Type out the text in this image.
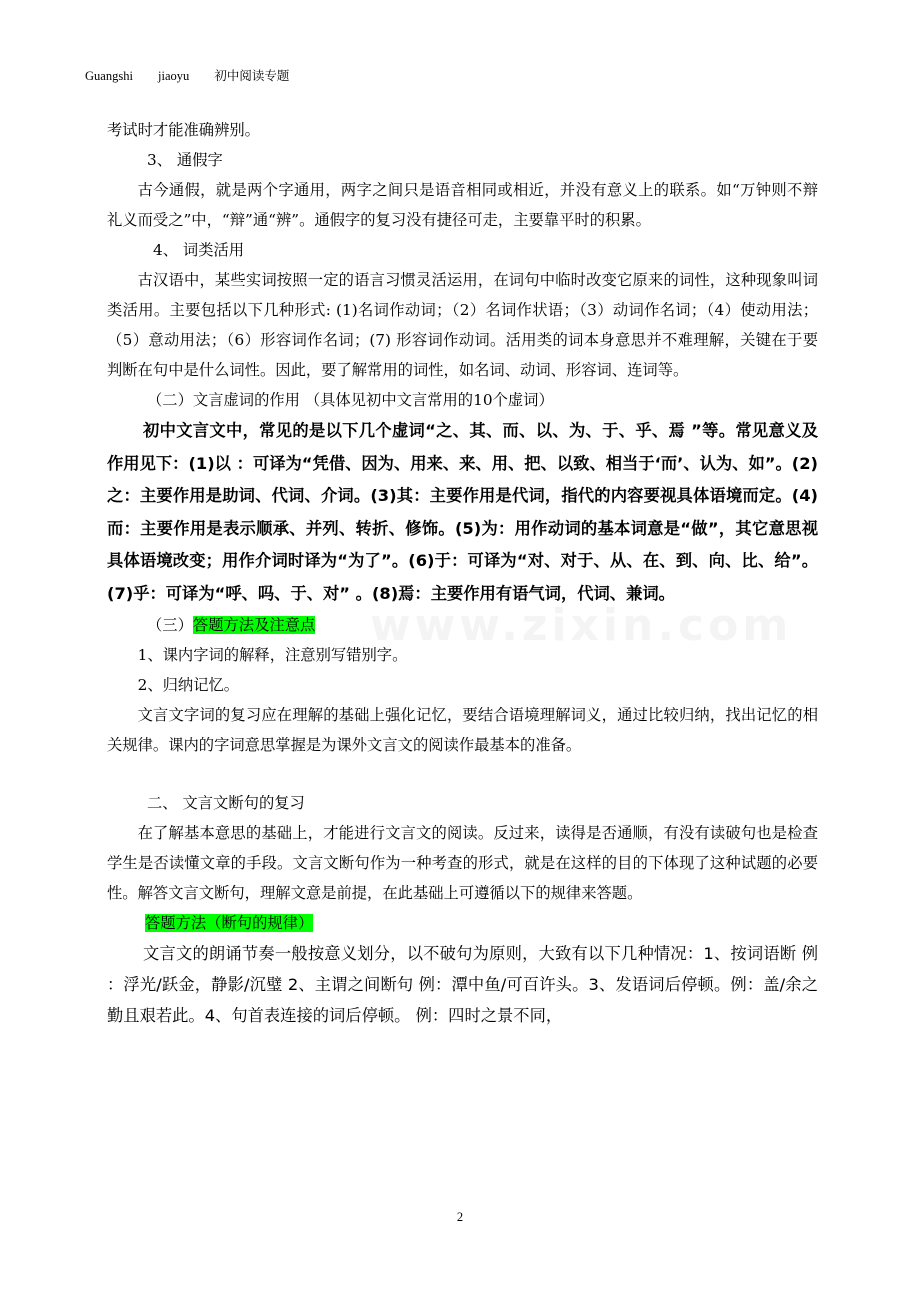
Guangshi jiaoyu 初中阅读专题
www.zixin.com

考试时才能准确辨别。

3、 通假字

古今通假，就是两个字通用，两字之间只是语音相同或相近，并没有意义上的联系。如“万钟则不辩礼义而受之”中，“辩”通“辨”。通假字的复习没有捷径可走，主要靠平时的积累。

4、 词类活用

古汉语中，某些实词按照一定的语言习惯灵活运用，在词句中临时改变它原来的词性，这种现象叫词类活用。主要包括以下几种形式: (1)名词作动词；（2）名词作状语；（3）动词作名词；（4）使动用法；（5）意动用法；（6）形容词作名词；(7) 形容词作动词。活用类的词本身意思并不难理解，关键在于要判断在句中是什么词性。因此，要了解常用的词性，如名词、动词、形容词、连词等。

（二）文言虚词的作用 （具体见初中文言常用的10个虚词）

初中文言文中，常见的是以下几个虚词“之、其、而、以、为、于、乎、焉 ”等。常见意义及作用见下：(1)以 ：可译为“凭借、因为、用来、来、用、把、以致、相当于‘而’、认为、如”。(2)之：主要作用是助词、代词、介词。(3)其：主要作用是代词，指代的内容要视具体语境而定。(4)而：主要作用是表示顺承、并列、转折、修饰。(5)为：用作动词的基本词意是“做”，其它意思视具体语境改变；用作介词时译为“为了”。(6)于：可译为“对、对于、从、在、到、向、比、给”。(7)乎：可译为“呼、吗、于、对” 。(8)焉：主要作用有语气词，代词、兼词。

（三）答题方法及注意点

1、课内字词的解释，注意别写错别字。

2、归纳记忆。

文言文字词的复习应在理解的基础上强化记忆，要结合语境理解词义，通过比较归纳，找出记忆的相关规律。课内的字词意思掌握是为课外文言文的阅读作最基本的准备。

二、 文言文断句的复习

在了解基本意思的基础上，才能进行文言文的阅读。反过来，读得是否通顺，有没有读破句也是检查学生是否读懂文章的手段。文言文断句作为一种考查的形式，就是在这样的目的下体现了这种试题的必要性。解答文言文断句，理解文意是前提，在此基础上可遵循以下的规律来答题。

答题方法（断句的规律）

文言文的朗诵节奏一般按意义划分，以不破句为原则，大致有以下几种情况：1、按词语断 例 ：浮光/跃金，静影/沉璧 2、主谓之间断句 例：潭中鱼/可百许头。3、发语词后停顿。例：盖/余之勤且艰若此。4、句首表连接的词后停顿。 例：四时之景不同，

2
